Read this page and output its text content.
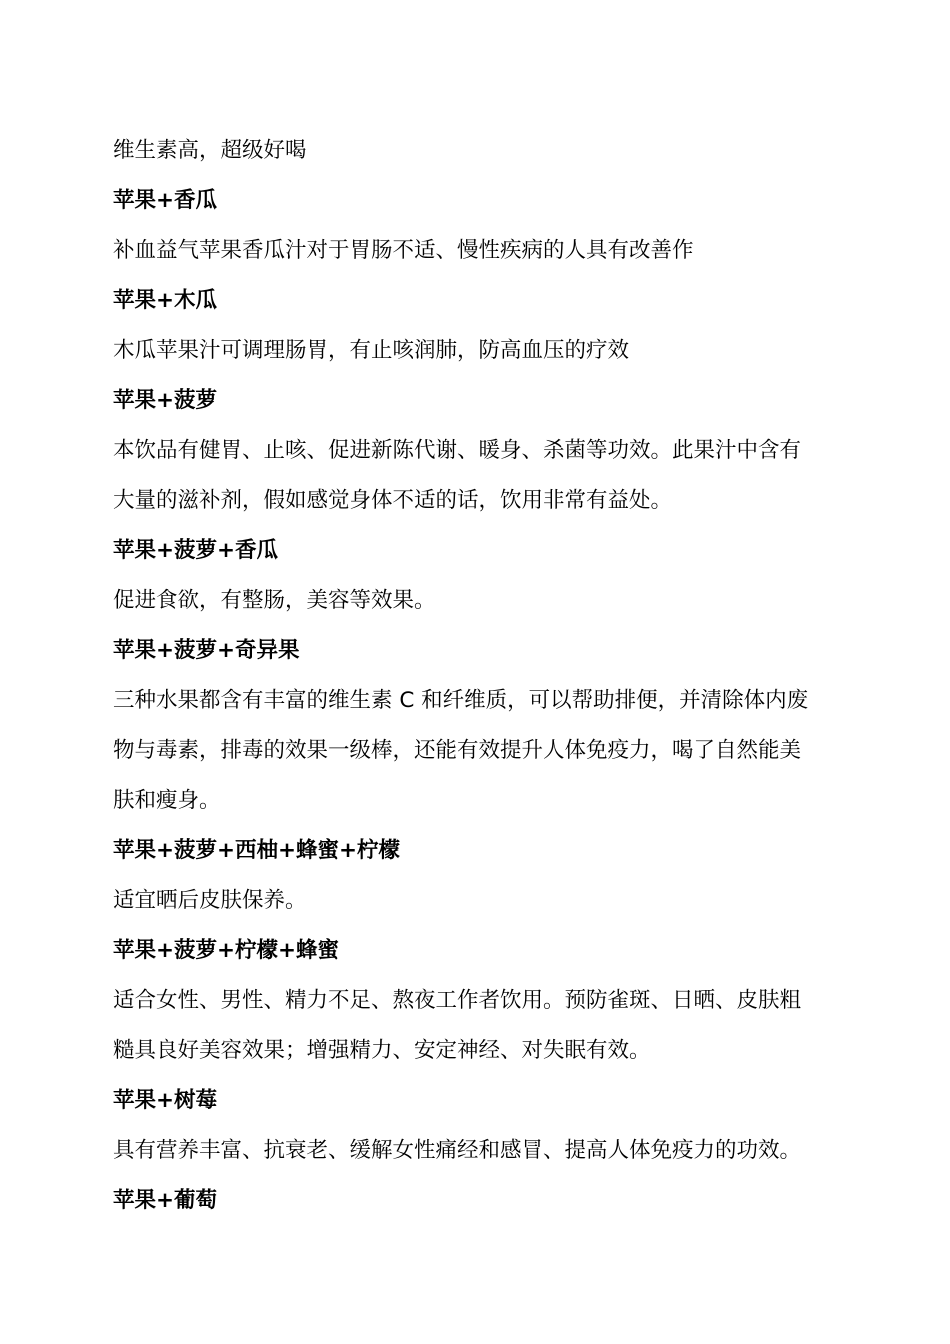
维生素高，超级好喝
苹果+香瓜
补血益气苹果香瓜汁对于胃肠不适、慢性疾病的人具有改善作
苹果+木瓜
木瓜苹果汁可调理肠胃，有止咳润肺，防高血压的疗效
苹果+菠萝
本饮品有健胃、止咳、促进新陈代谢、暖身、杀菌等功效。此果汁中含有
大量的滋补剂，假如感觉身体不适的话，饮用非常有益处。
苹果+菠萝+香瓜
促进食欲，有整肠，美容等效果。
苹果+菠萝+奇异果
三种水果都含有丰富的维生素 C 和纤维质，可以帮助排便，并清除体内废
物与毒素，排毒的效果一级棒，还能有效提升人体免疫力，喝了自然能美
肤和瘦身。
苹果+菠萝+西柚+蜂蜜+柠檬
适宜晒后皮肤保养。
苹果+菠萝+柠檬+蜂蜜
适合女性、男性、精力不足、熬夜工作者饮用。预防雀斑、日晒、皮肤粗
糙具良好美容效果；增强精力、安定神经、对失眠有效。
苹果+树莓
具有营养丰富、抗衰老、缓解女性痛经和感冒、提高人体免疫力的功效。
苹果+葡萄
